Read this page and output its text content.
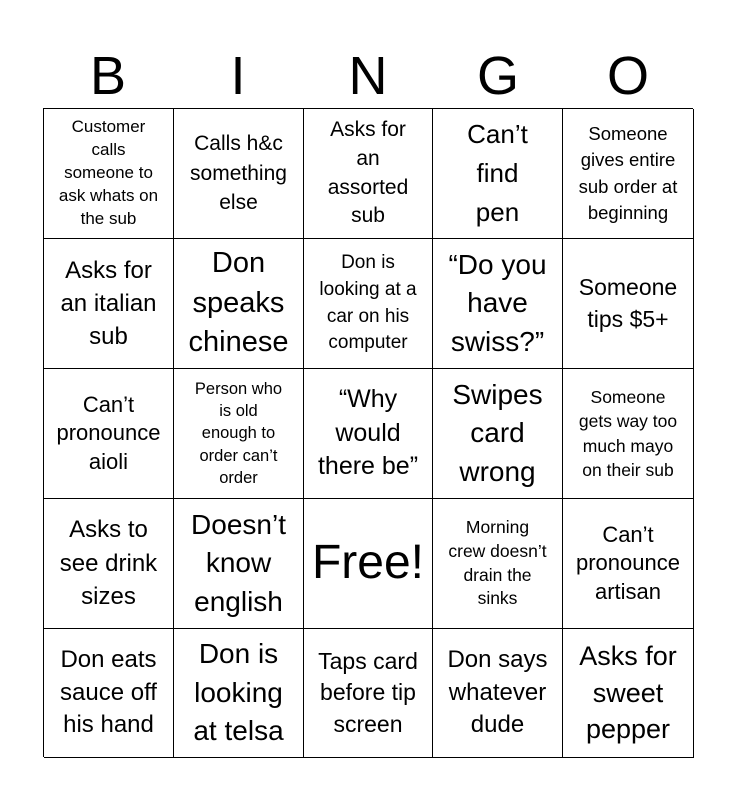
B	I	N	G	O
Customer
calls
someone to
ask whats on
the sub
Calls h&c
something
else
Asks for
an
assorted
sub
Can’t
find
pen
Someone
gives entire
sub order at
beginning
Asks for
an italian
sub
Don
speaks
chinese
Don is
looking at a
car on his
computer
“Do you
have
swiss?”
Someone
tips $5+
Can’t
pronounce
aioli
Person who
is old
enough to
order can’t
order
“Why
would
there be”
Swipes
card
wrong
Someone
gets way too
much mayo
on their sub
Asks to
see drink
sizes
Doesn’t
know
english
Free!
Morning
crew doesn’t
drain the
sinks
Can’t
pronounce
artisan
Don eats
sauce off
his hand
Don is
looking
at telsa
Taps card
before tip
screen
Don says
whatever
dude
Asks for
sweet
pepper
